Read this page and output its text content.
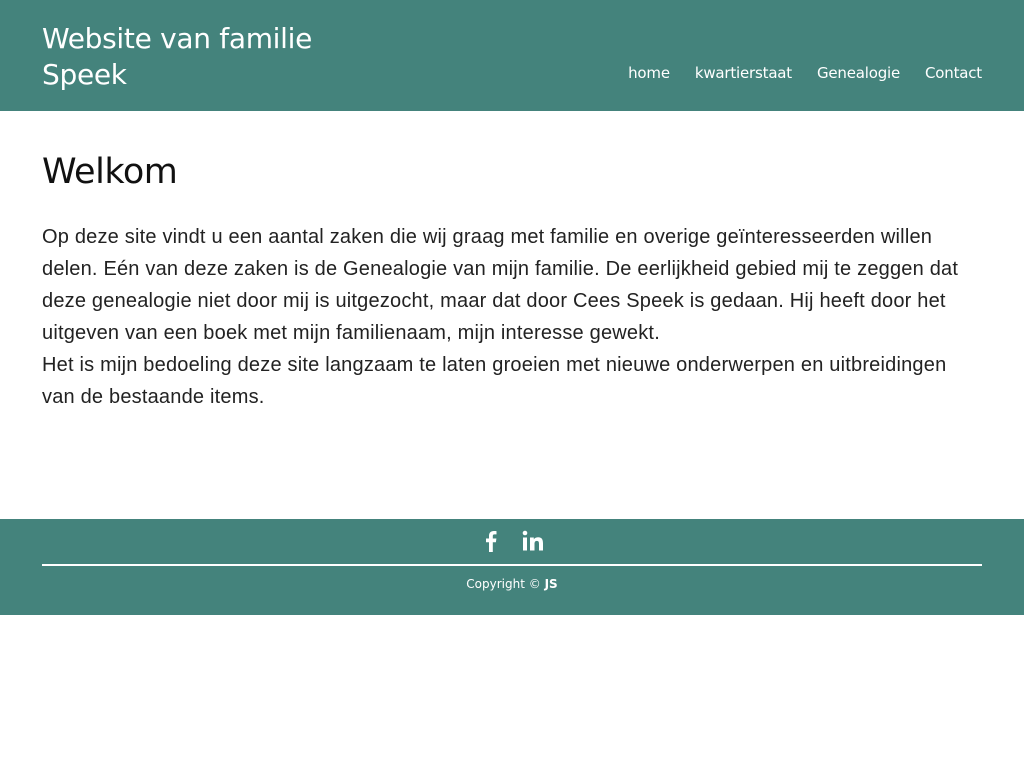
Website van familie Speek	home kwartierstaat Genealogie Contact
Welkom

Op deze site vindt u een aantal zaken die wij graag met familie en overige geïnteresseerden willen delen. Eén van deze zaken is de Genealogie van mijn familie. De eerlijkheid gebied mij te zeggen dat deze genealogie niet door mij is uitgezocht, maar dat door Cees Speek is gedaan. Hij heeft door het uitgeven van een boek met mijn familienaam, mijn interesse gewekt.

Het is mijn bedoeling deze site langzaam te laten groeien met nieuwe onderwerpen en uitbreidingen van de bestaande items.

Copyright © JS
